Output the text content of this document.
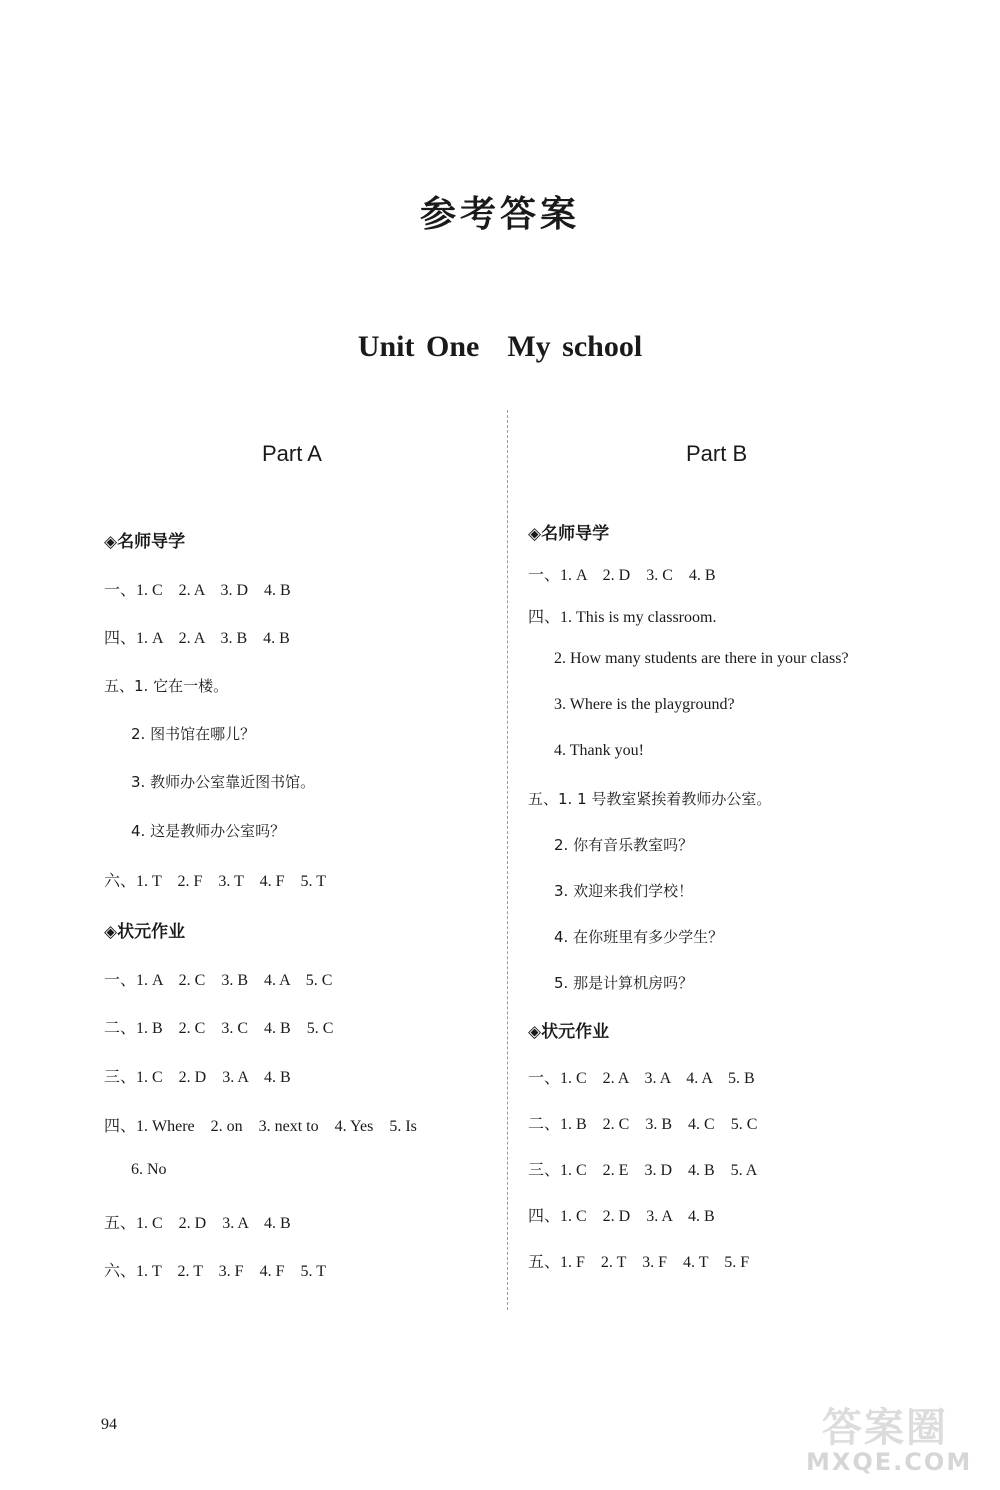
参考答案
Unit One My school
Part A
◈名师导学
一、1. C　2. A　3. D　4. B
四、1. A　2. A　3. B　4. B
五、1. 它在一楼。
2. 图书馆在哪儿？
3. 教师办公室靠近图书馆。
4. 这是教师办公室吗？
六、1. T　2. F　3. T　4. F　5. T
◈状元作业
一、1. A　2. C　3. B　4. A　5. C
二、1. B　2. C　3. C　4. B　5. C
三、1. C　2. D　3. A　4. B
四、1. Where　2. on　3. next to　4. Yes　5. Is
6. No
五、1. C　2. D　3. A　4. B
六、1. T　2. T　3. F　4. F　5. T
Part B
◈名师导学
一、1. A　2. D　3. C　4. B
四、1. This is my classroom.
2. How many students are there in your class?
3. Where is the playground?
4. Thank you!
五、1. 1 号教室紧挨着教师办公室。
2. 你有音乐教室吗？
3. 欢迎来我们学校！
4. 在你班里有多少学生？
5. 那是计算机房吗？
◈状元作业
一、1. C　2. A　3. A　4. A　5. B
二、1. B　2. C　3. B　4. C　5. C
三、1. C　2. E　3. D　4. B　5. A
四、1. C　2. D　3. A　4. B
五、1. F　2. T　3. F　4. T　5. F
94	答案圈
MXQE.COM
